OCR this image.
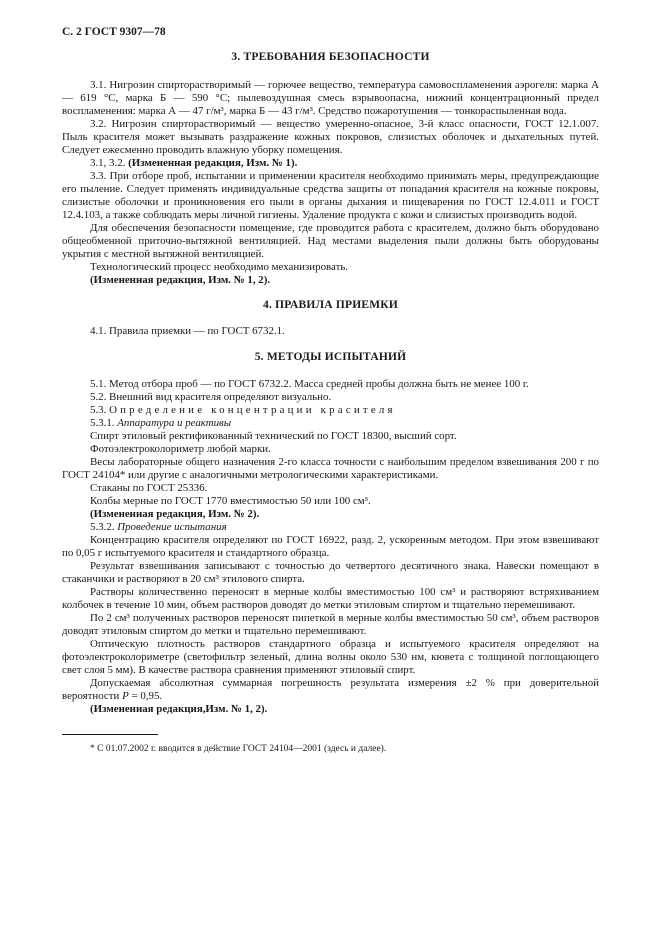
С. 2 ГОСТ 9307—78
3. ТРЕБОВАНИЯ БЕЗОПАСНОСТИ

3.1. Нигрозин спирторастворимый — горючее вещество, температура самовоспламенения аэрогеля: марка А — 619 °С, марка Б — 590 °С; пылевоздушная смесь взрывоопасна, нижний концентрационный предел воспламенения: марка А — 47 г/м³, марка Б — 43 г/м³. Средство пожаротушения — тонкораспыленная вода.

3.2. Нигрозин спирторастворимый — вещество умеренно-опасное, 3-й класс опасности, ГОСТ 12.1.007. Пыль красителя может вызывать раздражение кожных покровов, слизистых оболочек и дыхательных путей. Следует ежесменно проводить влажную уборку помещения.

3.1, 3.2. (Измененная редакция, Изм. № 1).

3.3. При отборе проб, испытании и применении красителя необходимо принимать меры, предупреждающие его пыление. Следует применять индивидуальные средства защиты от попадания красителя на кожные покровы, слизистые оболочки и проникновения его пыли в органы дыхания и пищеварения по ГОСТ 12.4.011 и ГОСТ 12.4.103, а также соблюдать меры личной гигиены. Удаление продукта с кожи и слизистых производить водой.

Для обеспечения безопасности помещение, где проводится работа с красителем, должно быть оборудовано общеобменной приточно-вытяжной вентиляцией. Над местами выделения пыли должны быть оборудованы укрытия с местной вытяжной вентиляцией.

Технологический процесс необходимо механизировать.

(Измененная редакция, Изм. № 1, 2).

4. ПРАВИЛА ПРИЕМКИ

4.1. Правила приемки — по ГОСТ 6732.1.

5. МЕТОДЫ ИСПЫТАНИЙ

5.1. Метод отбора проб — по ГОСТ 6732.2. Масса средней пробы должна быть не менее 100 г.

5.2. Внешний вид красителя определяют визуально.

5.3. Определение концентрации красителя

5.3.1. Аппаратура и реактивы

Спирт этиловый ректификованный технический по ГОСТ 18300, высший сорт.

Фотоэлектроколориметр любой марки.

Весы лабораторные общего назначения 2-го класса точности с наибольшим пределом взвешивания 200 г по ГОСТ 24104* или другие с аналогичными метрологическими характеристиками.

Стаканы по ГОСТ 25336.

Колбы мерные по ГОСТ 1770 вместимостью 50 или 100 см³.

(Измененная редакция, Изм. № 2).

5.3.2. Проведение испытания

Концентрацию красителя определяют по ГОСТ 16922, разд. 2, ускоренным методом. При этом взвешивают по 0,05 г испытуемого красителя и стандартного образца.

Результат взвешивания записывают с точностью до четвертого десятичного знака. Навески помещают в стаканчики и растворяют в 20 см³ этилового спирта.

Растворы количественно переносят в мерные колбы вместимостью 100 см³ и растворяют встряхиванием колбочек в течение 10 мин, объем растворов доводят до метки этиловым спиртом и тщательно перемешивают.

По 2 см³ полученных растворов переносят пипеткой в мерные колбы вместимостью 50 см³, объем растворов доводят этиловым спиртом до метки и тщательно перемешивают.

Оптическую плотность растворов стандартного образца и испытуемого красителя определяют на фотоэлектроколориметре (светофильтр зеленый, длина волны около 530 нм, кювета с толщиной поглощающего свет слоя 5 мм). В качестве раствора сравнения применяют этиловый спирт.

Допускаемая абсолютная суммарная погрешность результата измерения ±2 % при доверительной вероятности P = 0,95.

(Измененная редакция,Изм. № 1, 2).

* С 01.07.2002 г. вводится в действие ГОСТ 24104—2001 (здесь и далее).
